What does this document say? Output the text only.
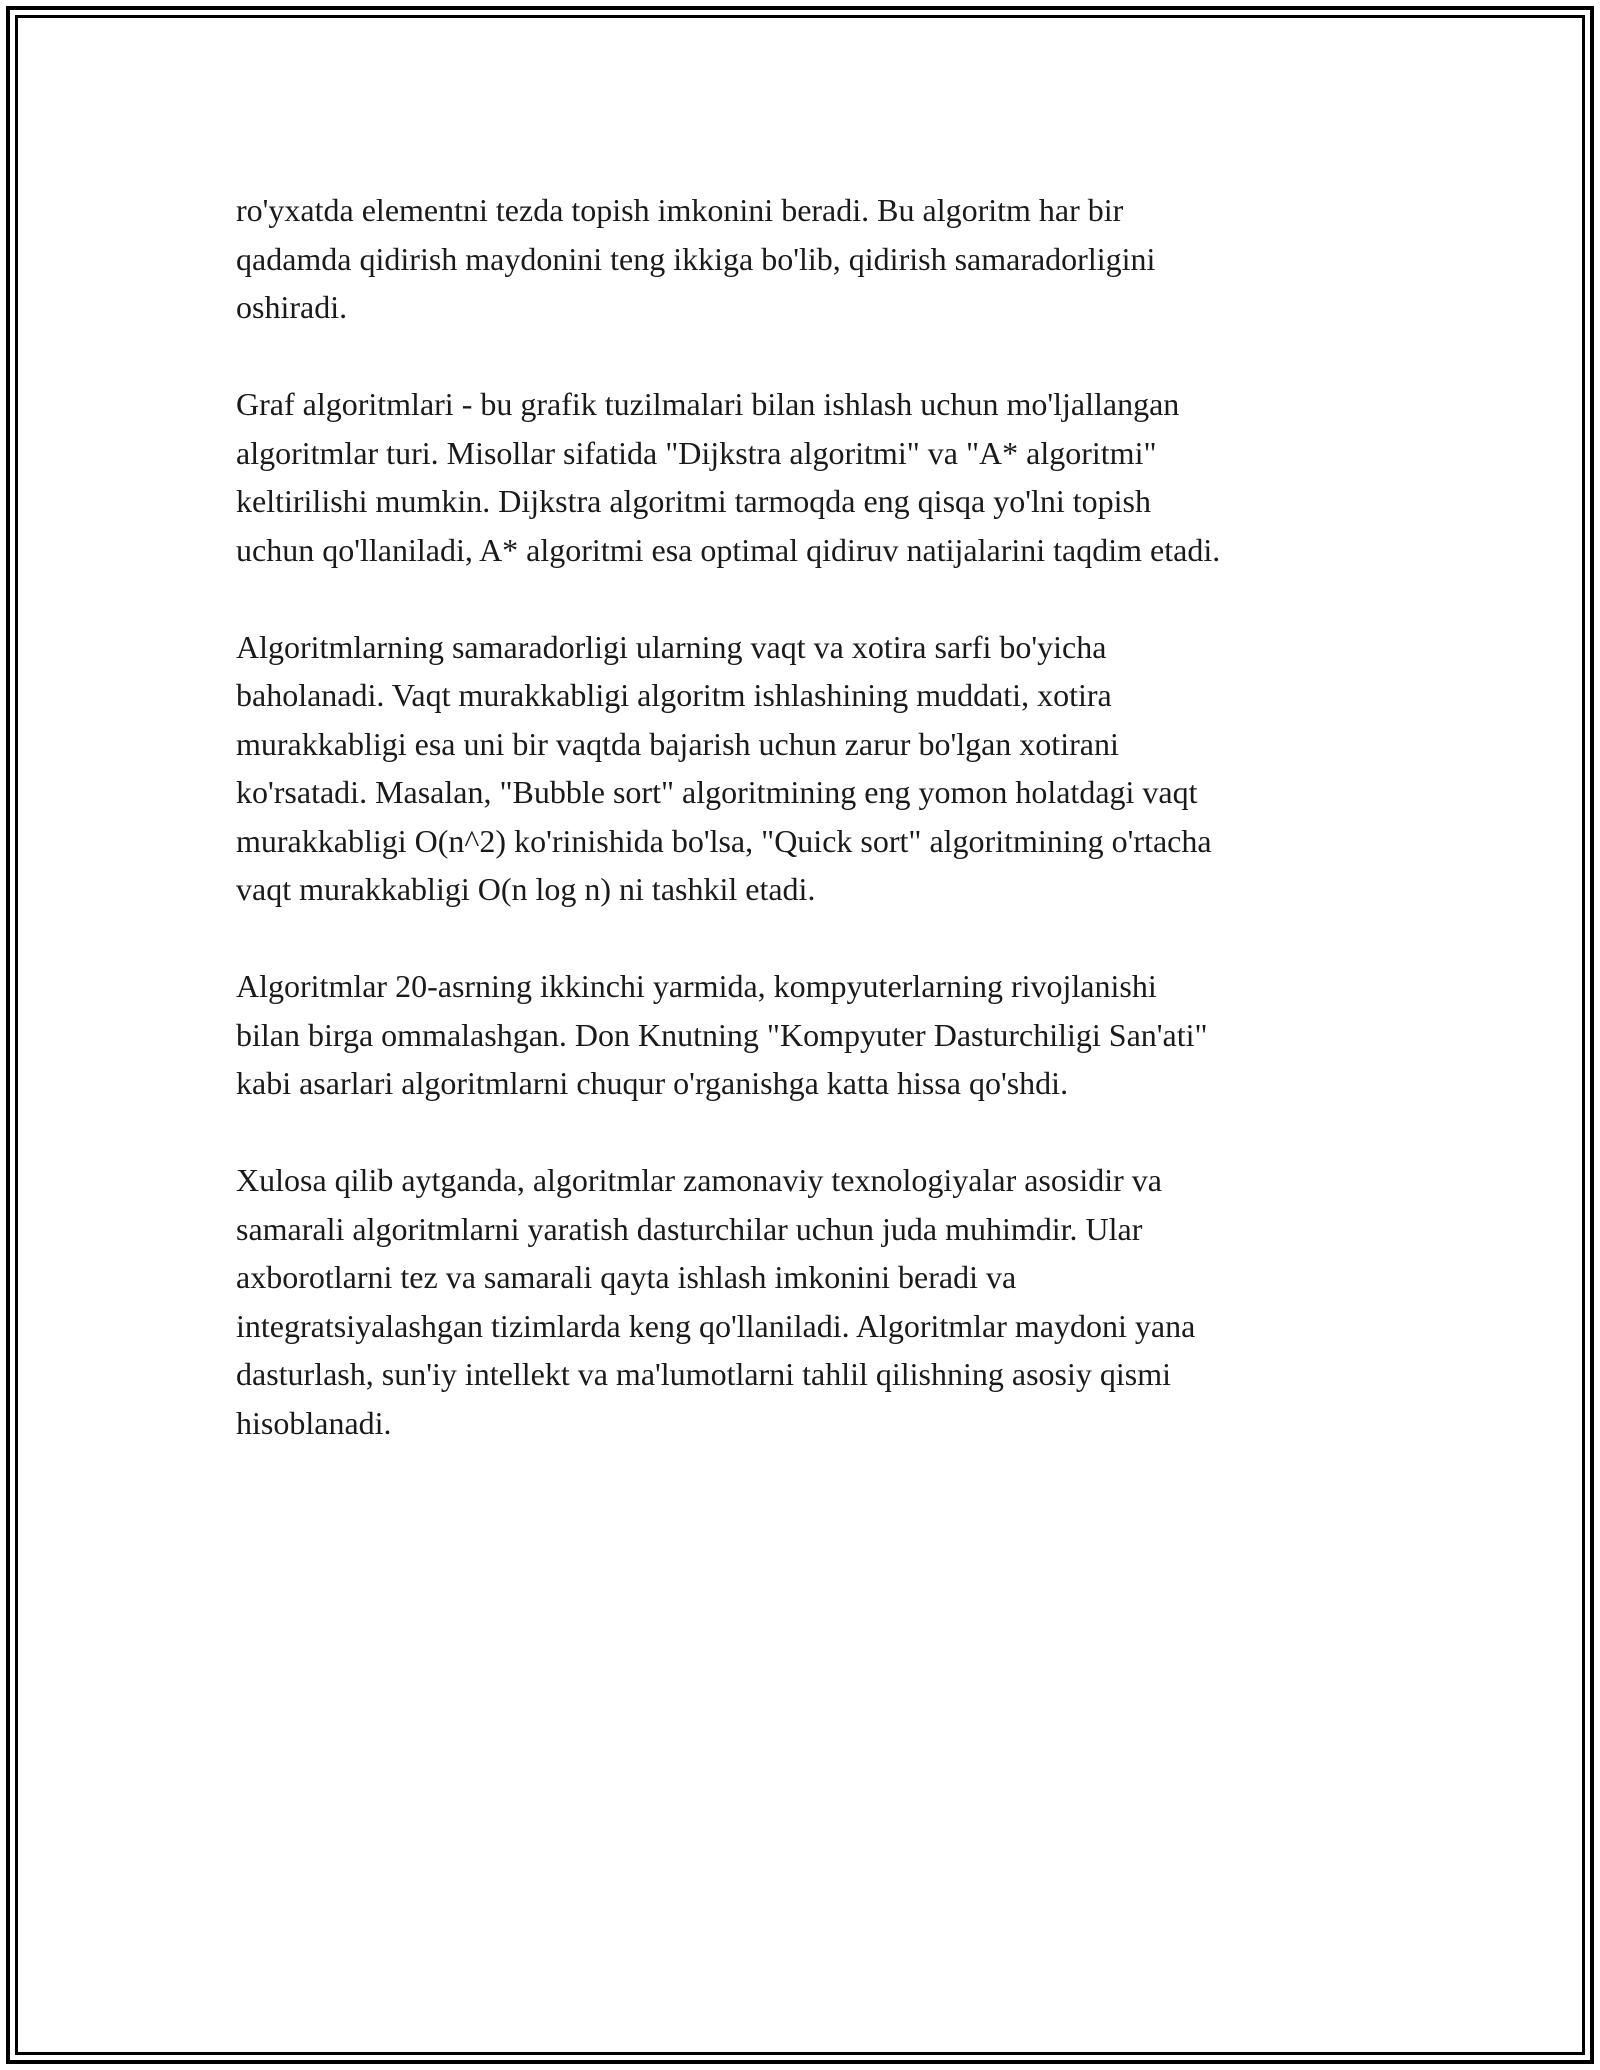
ro'yxatda elementni tezda topish imkonini beradi. Bu algoritm har bir
qadamda qidirish maydonini teng ikkiga bo'lib, qidirish samaradorligini
oshiradi.

Graf algoritmlari - bu grafik tuzilmalari bilan ishlash uchun mo'ljallangan
algoritmlar turi. Misollar sifatida "Dijkstra algoritmi" va "A* algoritmi"
keltirilishi mumkin. Dijkstra algoritmi tarmoqda eng qisqa yo'lni topish
uchun qo'llaniladi, A* algoritmi esa optimal qidiruv natijalarini taqdim etadi.

Algoritmlarning samaradorligi ularning vaqt va xotira sarfi bo'yicha
baholanadi. Vaqt murakkabligi algoritm ishlashining muddati, xotira
murakkabligi esa uni bir vaqtda bajarish uchun zarur bo'lgan xotirani
ko'rsatadi. Masalan, "Bubble sort" algoritmining eng yomon holatdagi vaqt
murakkabligi O(n^2) ko'rinishida bo'lsa, "Quick sort" algoritmining o'rtacha
vaqt murakkabligi O(n log n) ni tashkil etadi.

Algoritmlar 20-asrning ikkinchi yarmida, kompyuterlarning rivojlanishi
bilan birga ommalashgan. Don Knutning "Kompyuter Dasturchiligi San'ati"
kabi asarlari algoritmlarni chuqur o'rganishga katta hissa qo'shdi.

Xulosa qilib aytganda, algoritmlar zamonaviy texnologiyalar asosidir va
samarali algoritmlarni yaratish dasturchilar uchun juda muhimdir. Ular
axborotlarni tez va samarali qayta ishlash imkonini beradi va
integratsiyalashgan tizimlarda keng qo'llaniladi. Algoritmlar maydoni yana
dasturlash, sun'iy intellekt va ma'lumotlarni tahlil qilishning asosiy qismi
hisoblanadi.
